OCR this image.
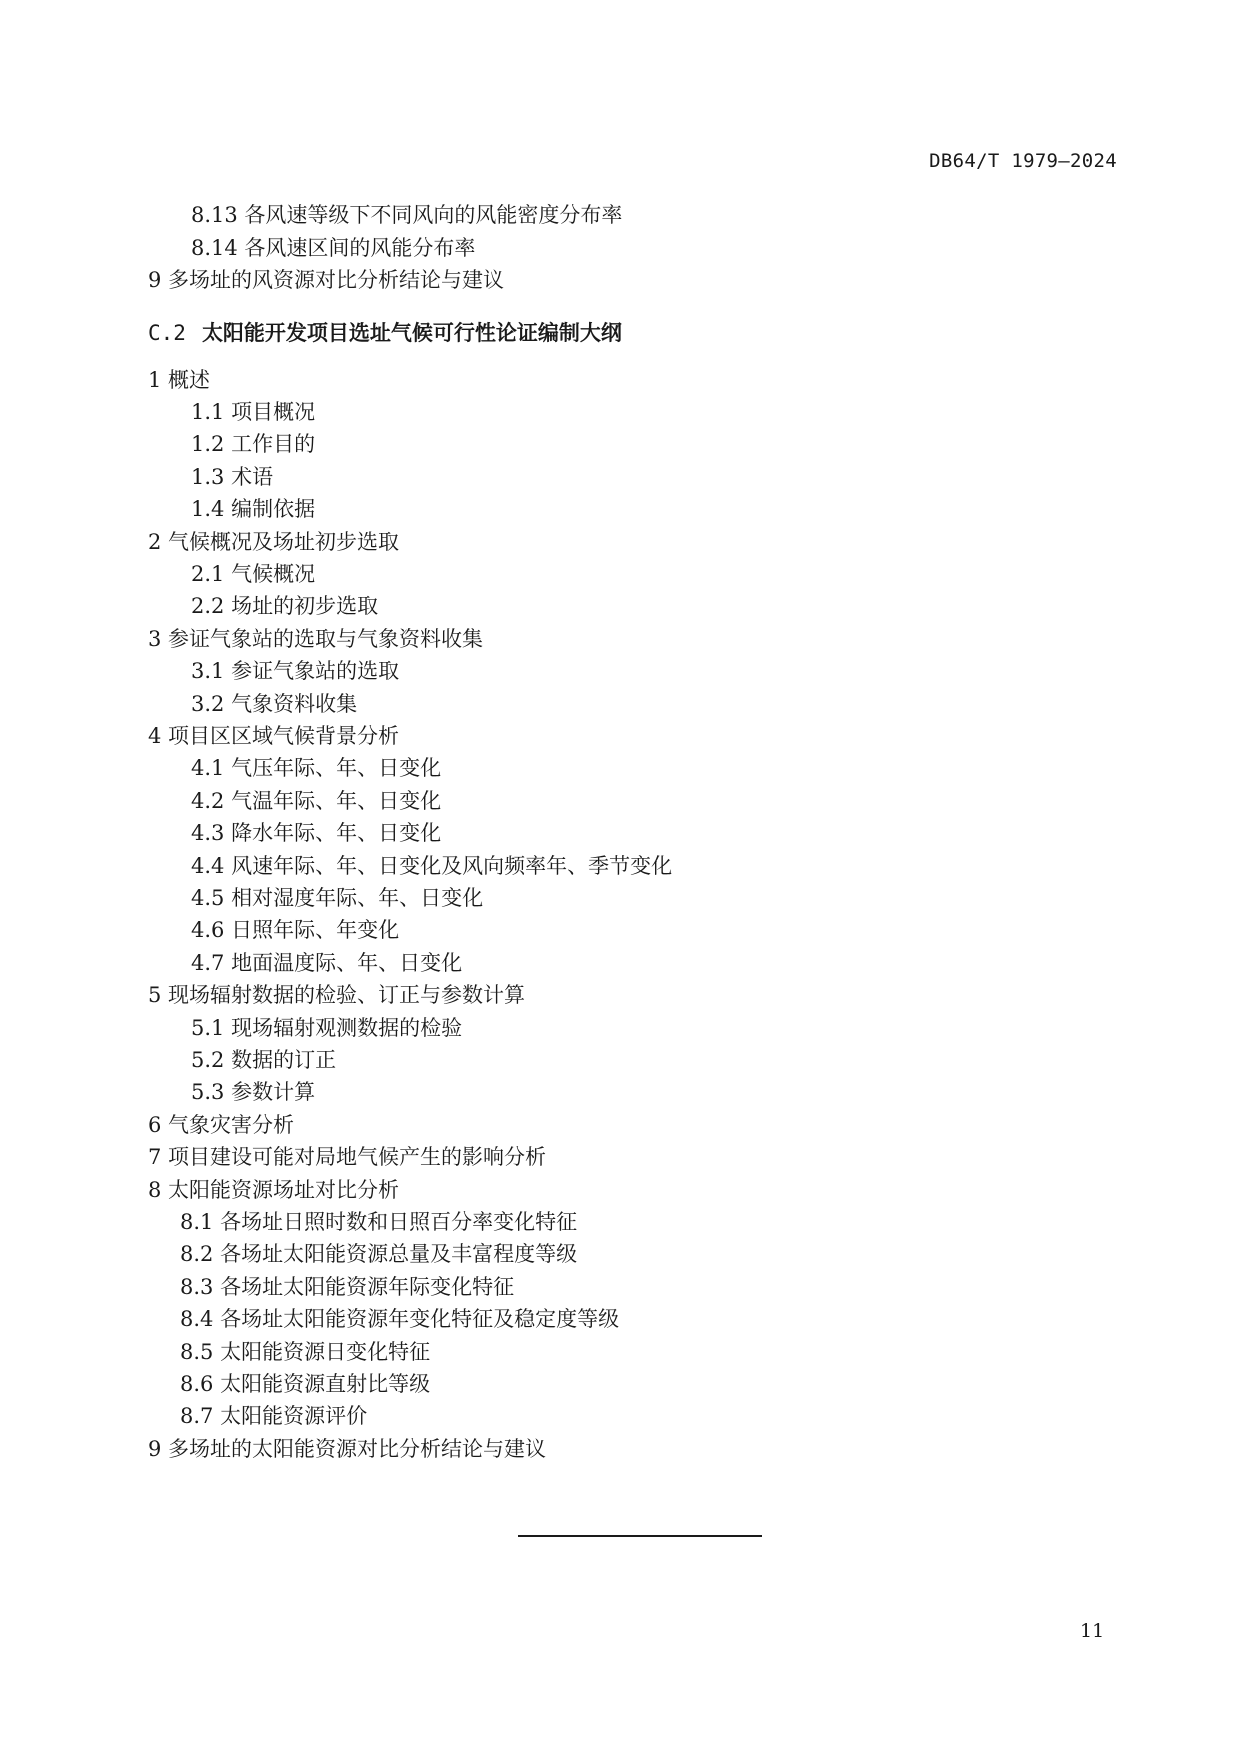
DB64/T 1979—2024
8.13 各风速等级下不同风向的风能密度分布率
8.14 各风速区间的风能分布率
9 多场址的风资源对比分析结论与建议
C.2 太阳能开发项目选址气候可行性论证编制大纲
1 概述
1.1 项目概况
1.2 工作目的
1.3 术语
1.4 编制依据
2 气候概况及场址初步选取
2.1 气候概况
2.2 场址的初步选取
3 参证气象站的选取与气象资料收集
3.1 参证气象站的选取
3.2 气象资料收集
4 项目区区域气候背景分析
4.1 气压年际、年、日变化
4.2 气温年际、年、日变化
4.3 降水年际、年、日变化
4.4 风速年际、年、日变化及风向频率年、季节变化
4.5 相对湿度年际、年、日变化
4.6 日照年际、年变化
4.7 地面温度际、年、日变化
5 现场辐射数据的检验、订正与参数计算
5.1 现场辐射观测数据的检验
5.2 数据的订正
5.3 参数计算
6 气象灾害分析
7 项目建设可能对局地气候产生的影响分析
8 太阳能资源场址对比分析
8.1 各场址日照时数和日照百分率变化特征
8.2 各场址太阳能资源总量及丰富程度等级
8.3 各场址太阳能资源年际变化特征
8.4 各场址太阳能资源年变化特征及稳定度等级
8.5 太阳能资源日变化特征
8.6 太阳能资源直射比等级
8.7 太阳能资源评价
9 多场址的太阳能资源对比分析结论与建议
11
